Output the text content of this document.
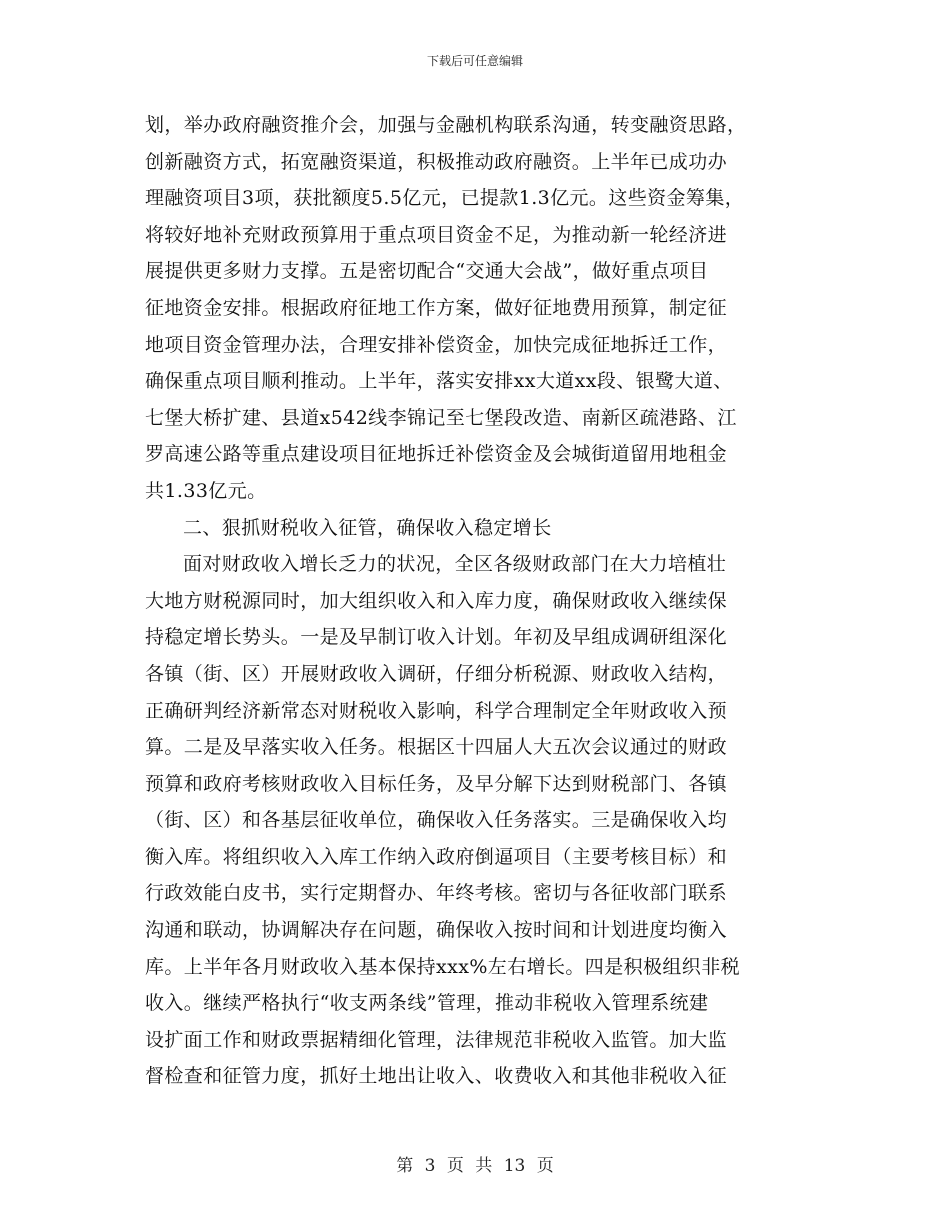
下载后可任意编辑
划，举办政府融资推介会，加强与金融机构联系沟通，转变融资思路，
创新融资方式，拓宽融资渠道，积极推动政府融资。上半年已成功办
理融资项目3项，获批额度5.5亿元，已提款1.3亿元。这些资金筹集，
将较好地补充财政预算用于重点项目资金不足，为推动新一轮经济进
展提供更多财力支撑。五是密切配合“交通大会战”，做好重点项目
征地资金安排。根据政府征地工作方案，做好征地费用预算，制定征
地项目资金管理办法，合理安排补偿资金，加快完成征地拆迁工作，
确保重点项目顺利推动。上半年，落实安排xx大道xx段、银鹭大道、
七堡大桥扩建、县道x542线李锦记至七堡段改造、南新区疏港路、江
罗高速公路等重点建设项目征地拆迁补偿资金及会城街道留用地租金
共1.33亿元。
二、狠抓财税收入征管，确保收入稳定增长
面对财政收入增长乏力的状况，全区各级财政部门在大力培植壮
大地方财税源同时，加大组织收入和入库力度，确保财政收入继续保
持稳定增长势头。一是及早制订收入计划。年初及早组成调研组深化
各镇（街、区）开展财政收入调研，仔细分析税源、财政收入结构，
正确研判经济新常态对财税收入影响，科学合理制定全年财政收入预
算。二是及早落实收入任务。根据区十四届人大五次会议通过的财政
预算和政府考核财政收入目标任务，及早分解下达到财税部门、各镇
（街、区）和各基层征收单位，确保收入任务落实。三是确保收入均
衡入库。将组织收入入库工作纳入政府倒逼项目（主要考核目标）和
行政效能白皮书，实行定期督办、年终考核。密切与各征收部门联系
沟通和联动，协调解决存在问题，确保收入按时间和计划进度均衡入
库。上半年各月财政收入基本保持xxx%左右增长。四是积极组织非税
收入。继续严格执行“收支两条线”管理，推动非税收入管理系统建
设扩面工作和财政票据精细化管理，法律规范非税收入监管。加大监
督检查和征管力度，抓好土地出让收入、收费收入和其他非税收入征
第 3 页 共 13 页
